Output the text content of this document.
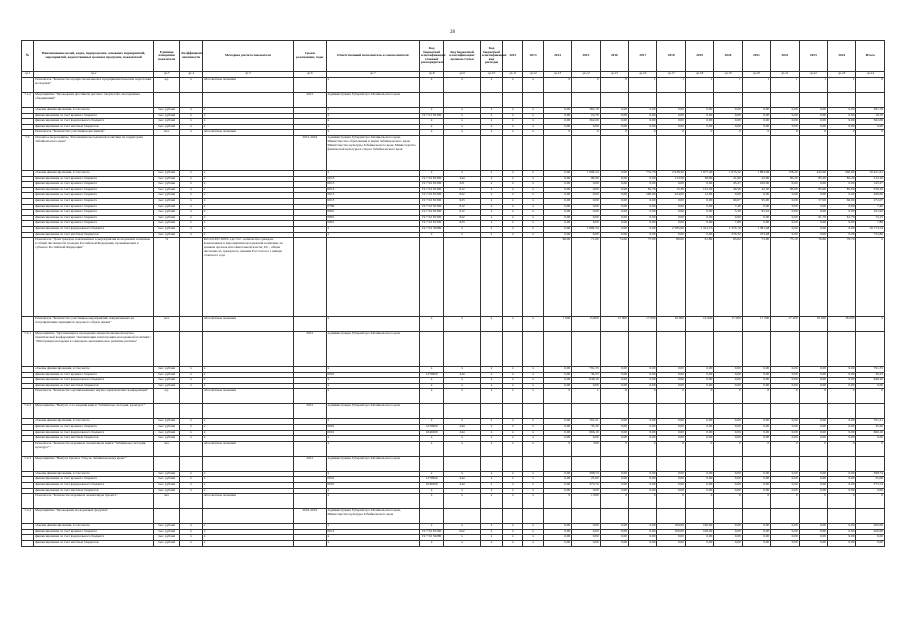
28
№	Наименование целей, задач, подпрограмм, основных мероприятий, мероприятий, ведомственных целевых программ, показателей	Единица измерения показателя	Коэффициент значимости	Методика расчета показателя	Сроки реализации, годы	Ответственный исполнитель и соисполнители	Код бюджетной классификации: главный распорядитель	Код бюджетной классификации: целевая статья	Код бюджетной классификации: вид расходов	2012	2013	2014	2015	2016	2017	2018	2019	2020	2021	2022	2023	2024	Итого
гр.1	гр.2	гр.3	гр.4	гр.5	гр.6	гр.7	гр.8	гр.9	гр.10	гр.11	гр.12	гр.13	гр.14	гр.15	гр.16	гр.17	гр.18	гр.19	гр.20	гр.21	гр.22	гр.23	гр.24
	Показатель "Количество профессиональной и предпринимательской подготовки молодежи"	ед.	х	Абсолютные значения		х	х	х	х	х	х	0	0	0	1	1	1	1	1	1	1	1	0
7.1.2	Мероприятие "Проведение фестиваля детского творчества, молодежных объединений"				2015	Администрация Губернатора Забайкальского края																	
	объемы финансирования, в том числе	тыс. рублей	х	х		х	х	х	х	х	х	0,00	381,79	0,00	0,00	0,00	0,00	0,00	0,00	0,00	0,00	0,00	381,79
	финансирование за счет краевого бюджета	тыс. рублей	х	х		х	19 7 01 81300	х	х	х	х	0,00	19,70	0,00	0,00	0,00	0,00	0,00	0,00	0,00	0,00	0,00	19,70
	финансирование за счет федерального бюджета	тыс. рублей	х	х		х	х	х	х	х	х	0,00	362,09	0,00	0,00	0,00	0,00	0,00	0,00	0,00	0,00	0,00	362,09
	финансирование за счет местных бюджетов	тыс. рублей	х	х		х	х	х	х	х	х	0,00	0,00	0,00	0,00	0,00	0,00	0,00	0,00	0,00	0,00	0,00	0,00
	Показатель "Количество участников фестиваля"	чел.	х	Абсолютные значения		х	х	х	х	х	х	0	0	0	0	0	0	0	0	0	0	0	0
7.2.	Основное мероприятие "Реализация молодежной политики на территории Забайкальского края"				2015-2024	Администрация Губернатора Забайкальского края, Министерство образования и науки Забайкальского края, Министерство культуры Забайкальского края, Министерство физической культуры и спорта Забайкальского края																	
	объемы финансирования, в том числе	тыс. рублей	х	х		х	х	х	х	х	х	0,00	1 909,24	0,00	731,70	2 938,50	1 677,40	1 615,52	1 893,96	178,20	242,00	240,00	10 421,61
	финансирование за счет краевого бюджета	тыс. рублей	х	х		0013	19 7 02 81300	244	х	х	х	0,00	99,90	0,00	0,00	113,50	58,00	21,90	42,90	85,20	85,20	85,20	512,10
	финансирование за счет краевого бюджета	тыс. рублей	х	х		0013	19 7 02 81300	321	х	х	х	0,00	0,00	0,00	0,00	0,00	0,00	45,27	100,00	0,00	0,00	0,00	145,27
	финансирование за счет краевого бюджета	тыс. рублей	х	х		0013	19 7 02 81300	612	х	х	х	0,00	0,00	0,00	81,79	15,30	122,59	40,56	42,50	85,00	85,00	85,00	558,10
	финансирование за счет краевого бюджета	тыс. рублей	х	х		0013	19 7 02 81300	622	х	х	х	0,00	0,00	0,00	260,00	224,00	12,00	0,00	0,00	0,00	0,00	0,00	496,00
	финансирование за счет краевого бюджета	тыс. рублей	х	х		0013	19 7 02 81300	623	х	х	х	0,00	0,00	0,00	0,00	0,00	0,00	60,07	95,00	0,00	57,00	60,00	272,07
	финансирование за счет краевого бюджета	тыс. рублей	х	х		0782	19 7 02 81300	612	х	х	х	0,00	0,00	0,00	0,00	0,00	0,00	7,40	0,00	0,00	0,00	0,00	7,40
	финансирование за счет краевого бюджета	тыс. рублей	х	х		0801	19 7 02 81300	612	х	х	х	0,00	0,00	0,00	0,00	0,00	0,00	3,30	95,42	0,00	0,00	0,00	101,92
	финансирование за счет краевого бюджета	тыс. рублей	х	х		0801	19 7 02 81300	622	х	х	х	0,00	0,00	0,00	0,00	0,00	0,00	0,00	0,00	0,00	61,76	61,76	74,15
	финансирование за счет краевого бюджета	тыс. рублей	х	х		0801	19 7 02 81300	623	х	х	х	0,00	0,00	0,00	0,00	0,00	0,00	7,86	0,00	0,00	0,00	0,00	7,86
	финансирование за счет федерального бюджета	тыс. рублей	х	х		х	19 7 02 50280	х	х	х	х	0,00	1 809,34	0,00	0,00	2 585,00	1 312,15	1 374,70	1 381,48	0,00	0,00	0,00	10 174,74
	финансирование за счет местных бюджетов	тыс. рублей	х	х		х	х	х	х	х	х	0,00	0,00	0,00	0,00	0,00	0,00	279,32	473,48	0,00	0,00	0,00	752,80
	Показатель "Доля граждан, вовлеченных в мероприятия молодежной политики, в общей численности граждан Российской Федерации, проживающих в субъекте Российской Федерации"	%		R2=U2/Ub×100%, где: U2 - количество граждан, вовлеченных в мероприятия молодежной политики, по данным органов исполнительной власти; Ub - общая численность граждан по данным Росстата на 1 января отчетного года								66,00	71,00	74,00	77,00	80,00	61,80	63,62	73,00	75,10	76,60	76,70	х
	Показатель "Количество участников мероприятий, направленных на популяризацию принципов здорового образа жизни"	чел.		Абсолютные значения		х	х	х	х	х	х	7 000	15 800	15 800	17 000	18 000	16 900	17 000	17 200	17 400	18 000	18 000	х
7.2.1	Мероприятие "Организация и проведение межрегиональной научно-практической конференции "Активизация и интеграция молодежной политики", "Интеграция молодежи в социально-экономическое развитие региона"				2015	Администрация Губернатора Забайкальского края																	
	объемы финансирования, в том числе	тыс. рублей	х	х		х	х	х	х	х	х	0,00	791,35	0,00	0,00	0,00	0,00	0,00	0,00	0,00	0,00	0,00	791,35
	финансирование за счет краевого бюджета	тыс. рублей	х	х		0001	1279900	244	х	х	х	0,00	39,23	0,00	0,00	0,00	0,00	0,00	0,00	0,00	0,00	0,00	39,23
	финансирование за счет федерального бюджета	тыс. рублей	х	х		х	х	х	х	х	х	0,00	648,10	0,00	0,00	0,00	0,00	0,00	0,00	0,00	0,00	0,00	648,10
	финансирование за счет местных бюджетов	тыс. рублей	х	х		х	х	х	х	х	х	0,00	0,00	0,00	0,00	0,00	0,00	0,00	0,00	0,00	0,00	0,00	0,00
	Показатель "Количество организованных научно-практических конференций"	ед.		Абсолютные значения		х	х	х	х	х	х	0	1	0	0	0	0	0	0	0	0	0	0
7.2.2	Мероприятие "Выпуск 2-го издания книги "Забайкалье: история, культура""				2015	Администрация Губернатора Забайкальского края																	
	объемы финансирования, в том числе	тыс. рублей	х	х		х	х	х	х	х	х	0,00	701,21	0,00	0,00	0,00	0,00	0,00	0,00	0,00	0,00	0,00	701,21
	финансирование за счет краевого бюджета	тыс. рублей	х	х		0001	1279900	244	х	х	х	0,00	35,20	0,00	0,00	0,00	0,00	0,00	0,00	0,00	0,00	0,00	35,20
	финансирование за счет федерального бюджета	тыс. рублей	х	х		0001	1049200	244	х	х	х	0,00	666,10	0,00	0,00	0,00	0,00	0,00	0,00	0,00	0,00	0,00	666,10
	финансирование за счет местных бюджетов	тыс. рублей	х	х		х	х	х	х	х	х	0,00	0,00	0,00	0,00	0,00	0,00	0,00	0,00	0,00	0,00	0,00	0,00
	Показатель "Количество изданных экземпляров книги "Забайкалье: история, культура""	экз.		Абсолютные значения		х	х	х	х	х	х	0	500	0	0	0	0	0	0	0	0	0	0
7.2.3	Мероприятие "Выпуск буклета "Гид по Забайкальскому краю""				2015	Администрация Губернатора Забайкальского края																	
	объемы финансирования, в том числе	тыс. рублей	х	х		х	х	х	х	х	х	0,00	398,74	0,00	0,00	0,00	0,00	0,00	0,00	0,00	0,00	0,00	398,74
	финансирование за счет краевого бюджета	тыс. рублей	х	х		0001	1279900	244	х	х	х	0,00	25,00	0,00	0,00	0,00	0,00	0,00	0,00	0,00	0,00	0,00	25,00
	финансирование за счет федерального бюджета	тыс. рублей	х	х		0001	1049200	244	х	х	х	0,00	373,74	0,00	0,00	0,00	0,00	0,00	0,00	0,00	0,00	0,00	373,74
	финансирование за счет местных бюджетов	тыс. рублей	х	х		х	х	х	х	х	х	0,00	0,00	0,00	0,00	0,00	0,00	0,00	0,00	0,00	0,00	0,00	0,00
	Показатель "Количество изданных экземпляров буклета"	экз.		Абсолютные значения		х	х	х	х	х	х	0	1 000	0	0	0	0	0	0	0	0	0	0
7.2.4	Мероприятие "Проведение молодежных форумов"				2016-2019	Администрация Губернатора Забайкальского края, Министерство культуры Забайкальского края																	
	объемы финансирования, в том числе	тыс. рублей	х	х		х	х	х	х	х	х	0,00	0,00	0,00	0,00	100,00	100,00	0,00	0,00	0,00	0,00	0,00	200,00
	финансирование за счет краевого бюджета	тыс. рублей	х	х		0013	19 7 02 81300	622	х	х	х	0,00	0,00	0,00	0,00	100,00	100,00	0,00	0,00	0,00	0,00	0,00	200,00
	финансирование за счет федерального бюджета	тыс. рублей	х	х		х	19 7 02 50280	х	х	х	х	0,00	0,00	0,00	0,00	0,00	0,00	0,00	0,00	0,00	0,00	0,00	0,00
	финансирование за счет местных бюджетов	тыс. рублей	х	х		х	х	х	х	х	х	0,00	0,00	0,00	0,00	0,00	0,00	0,00	0,00	0,00	0,00	0,00	0,00
